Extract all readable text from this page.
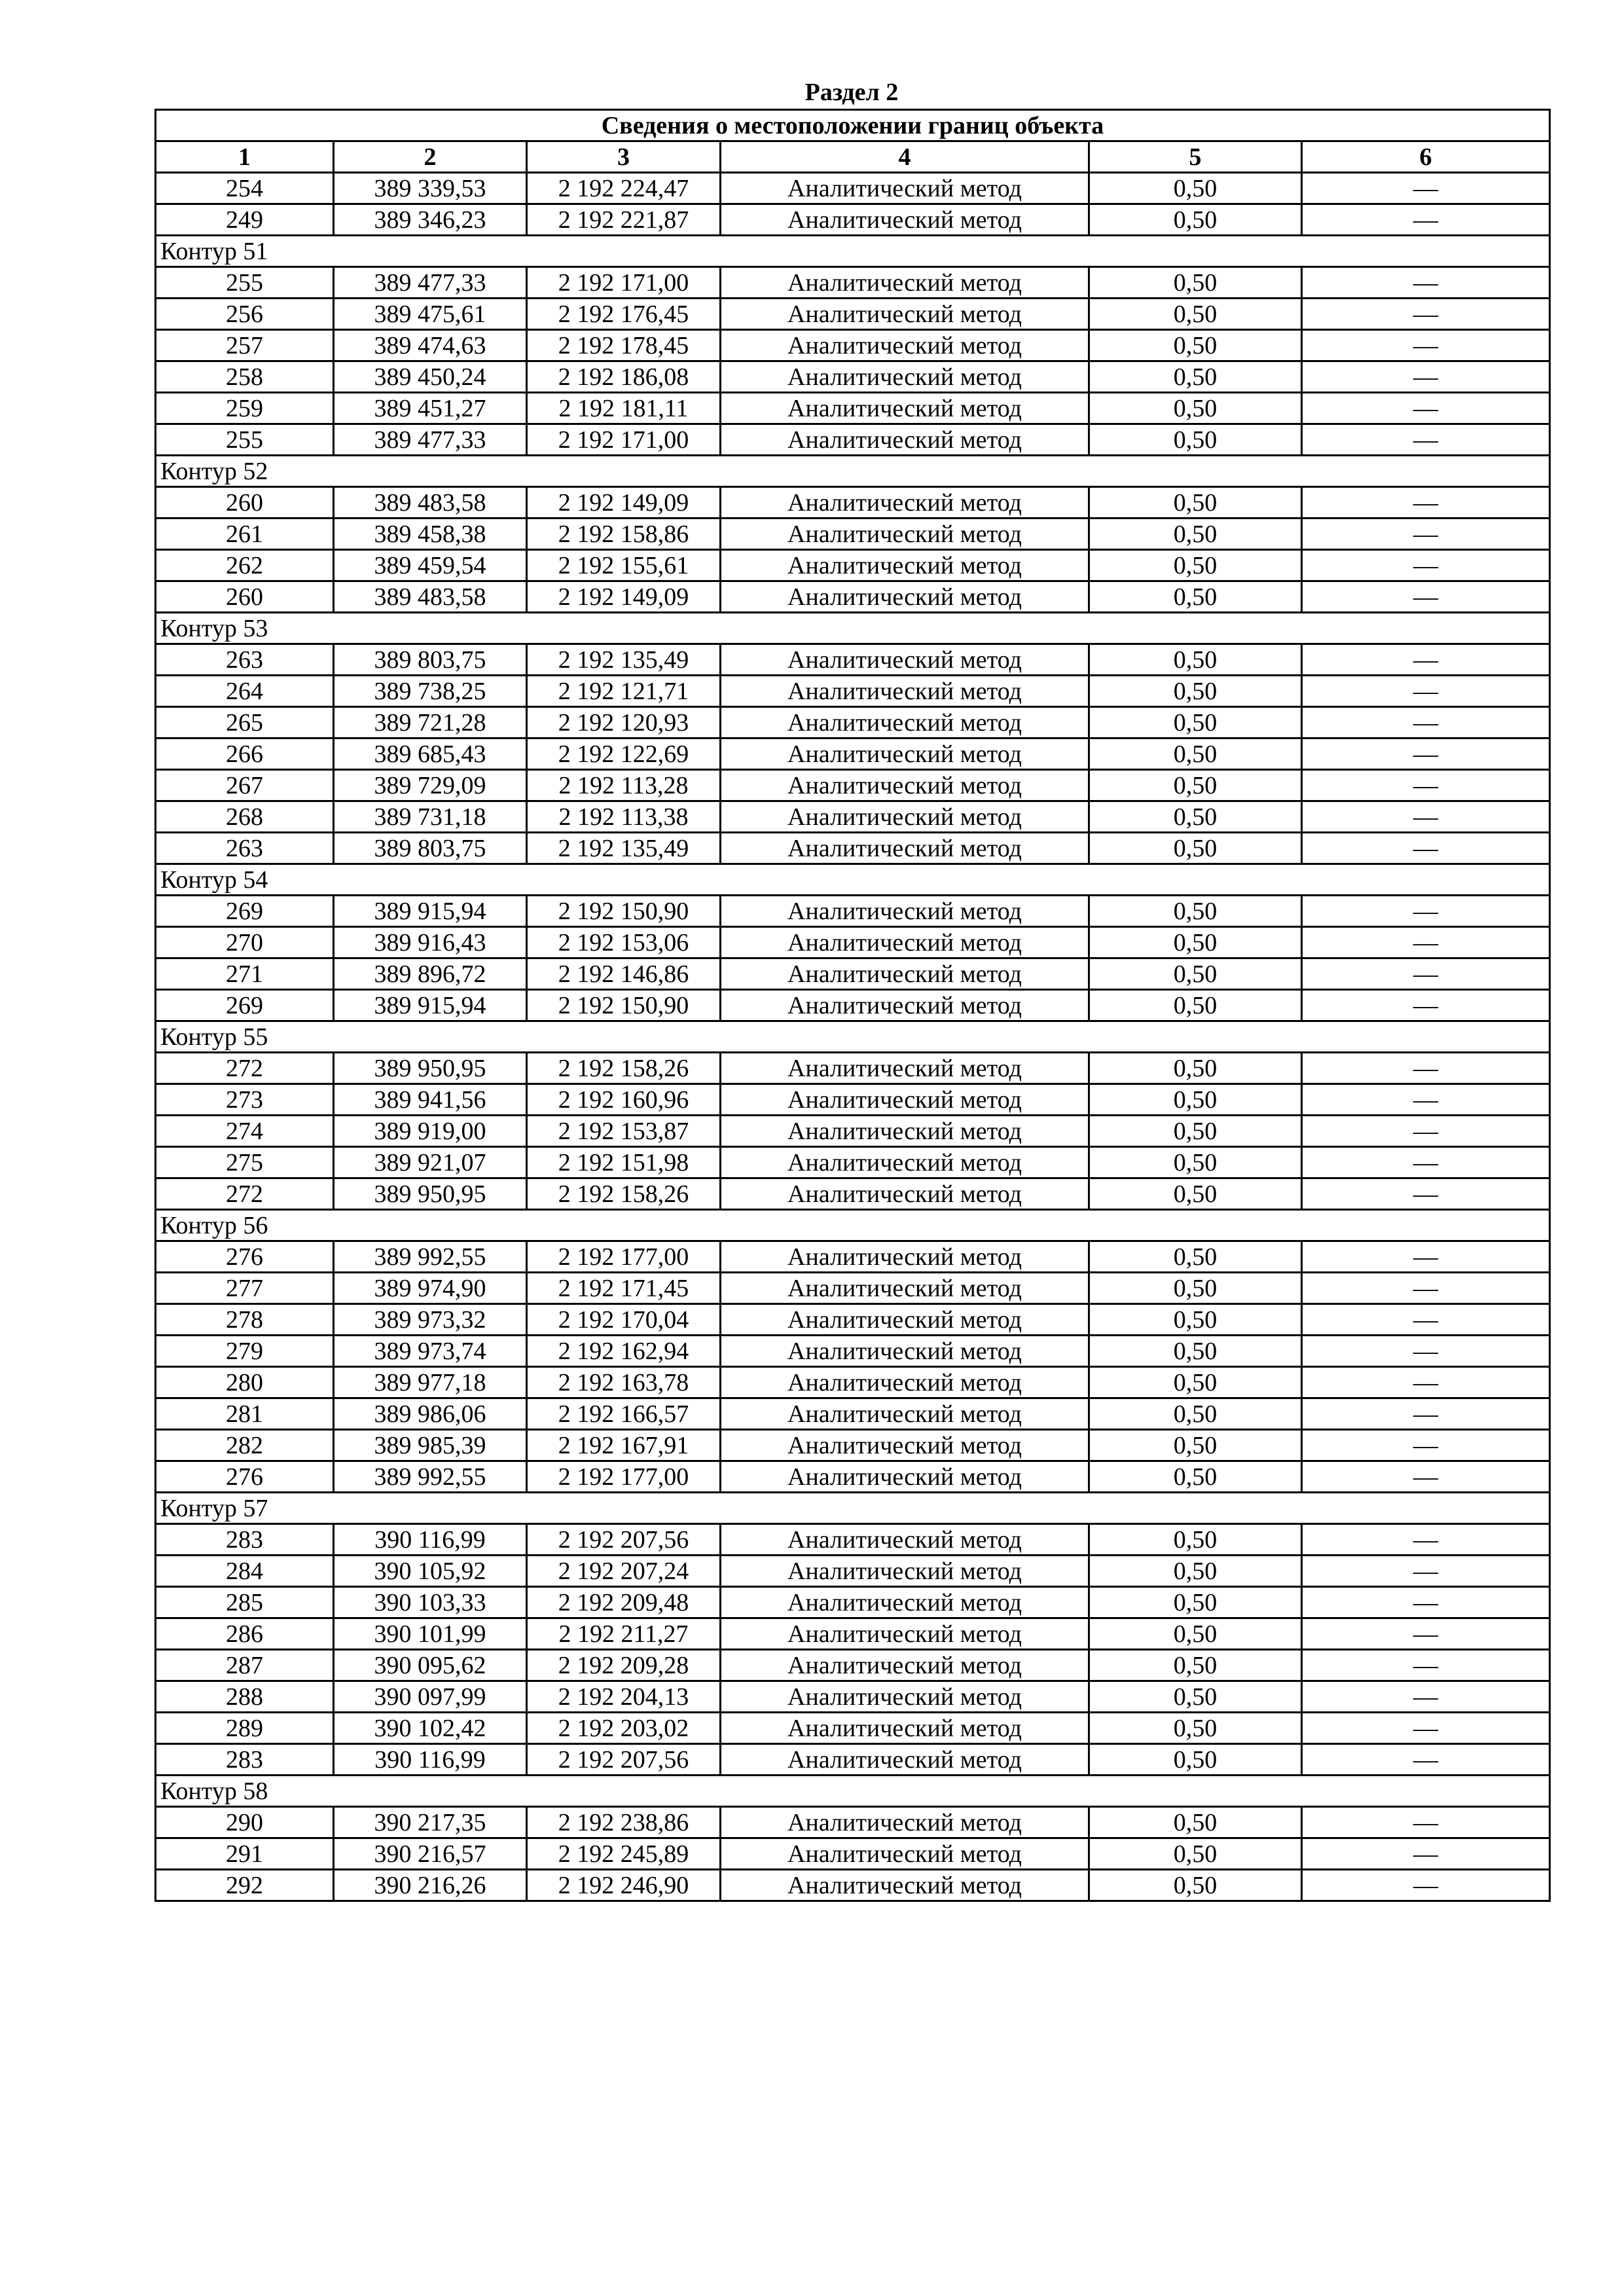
Раздел 2
Сведения о местоположении границ объекта					
1	2	3	4	5	6
254	389 339,53	2 192 224,47	Аналитический метод	0,50	—
249	389 346,23	2 192 221,87	Аналитический метод	0,50	—
Контур 51					
255	389 477,33	2 192 171,00	Аналитический метод	0,50	—
256	389 475,61	2 192 176,45	Аналитический метод	0,50	—
257	389 474,63	2 192 178,45	Аналитический метод	0,50	—
258	389 450,24	2 192 186,08	Аналитический метод	0,50	—
259	389 451,27	2 192 181,11	Аналитический метод	0,50	—
255	389 477,33	2 192 171,00	Аналитический метод	0,50	—
Контур 52					
260	389 483,58	2 192 149,09	Аналитический метод	0,50	—
261	389 458,38	2 192 158,86	Аналитический метод	0,50	—
262	389 459,54	2 192 155,61	Аналитический метод	0,50	—
260	389 483,58	2 192 149,09	Аналитический метод	0,50	—
Контур 53					
263	389 803,75	2 192 135,49	Аналитический метод	0,50	—
264	389 738,25	2 192 121,71	Аналитический метод	0,50	—
265	389 721,28	2 192 120,93	Аналитический метод	0,50	—
266	389 685,43	2 192 122,69	Аналитический метод	0,50	—
267	389 729,09	2 192 113,28	Аналитический метод	0,50	—
268	389 731,18	2 192 113,38	Аналитический метод	0,50	—
263	389 803,75	2 192 135,49	Аналитический метод	0,50	—
Контур 54					
269	389 915,94	2 192 150,90	Аналитический метод	0,50	—
270	389 916,43	2 192 153,06	Аналитический метод	0,50	—
271	389 896,72	2 192 146,86	Аналитический метод	0,50	—
269	389 915,94	2 192 150,90	Аналитический метод	0,50	—
Контур 55					
272	389 950,95	2 192 158,26	Аналитический метод	0,50	—
273	389 941,56	2 192 160,96	Аналитический метод	0,50	—
274	389 919,00	2 192 153,87	Аналитический метод	0,50	—
275	389 921,07	2 192 151,98	Аналитический метод	0,50	—
272	389 950,95	2 192 158,26	Аналитический метод	0,50	—
Контур 56					
276	389 992,55	2 192 177,00	Аналитический метод	0,50	—
277	389 974,90	2 192 171,45	Аналитический метод	0,50	—
278	389 973,32	2 192 170,04	Аналитический метод	0,50	—
279	389 973,74	2 192 162,94	Аналитический метод	0,50	—
280	389 977,18	2 192 163,78	Аналитический метод	0,50	—
281	389 986,06	2 192 166,57	Аналитический метод	0,50	—
282	389 985,39	2 192 167,91	Аналитический метод	0,50	—
276	389 992,55	2 192 177,00	Аналитический метод	0,50	—
Контур 57					
283	390 116,99	2 192 207,56	Аналитический метод	0,50	—
284	390 105,92	2 192 207,24	Аналитический метод	0,50	—
285	390 103,33	2 192 209,48	Аналитический метод	0,50	—
286	390 101,99	2 192 211,27	Аналитический метод	0,50	—
287	390 095,62	2 192 209,28	Аналитический метод	0,50	—
288	390 097,99	2 192 204,13	Аналитический метод	0,50	—
289	390 102,42	2 192 203,02	Аналитический метод	0,50	—
283	390 116,99	2 192 207,56	Аналитический метод	0,50	—
Контур 58					
290	390 217,35	2 192 238,86	Аналитический метод	0,50	—
291	390 216,57	2 192 245,89	Аналитический метод	0,50	—
292	390 216,26	2 192 246,90	Аналитический метод	0,50	—
